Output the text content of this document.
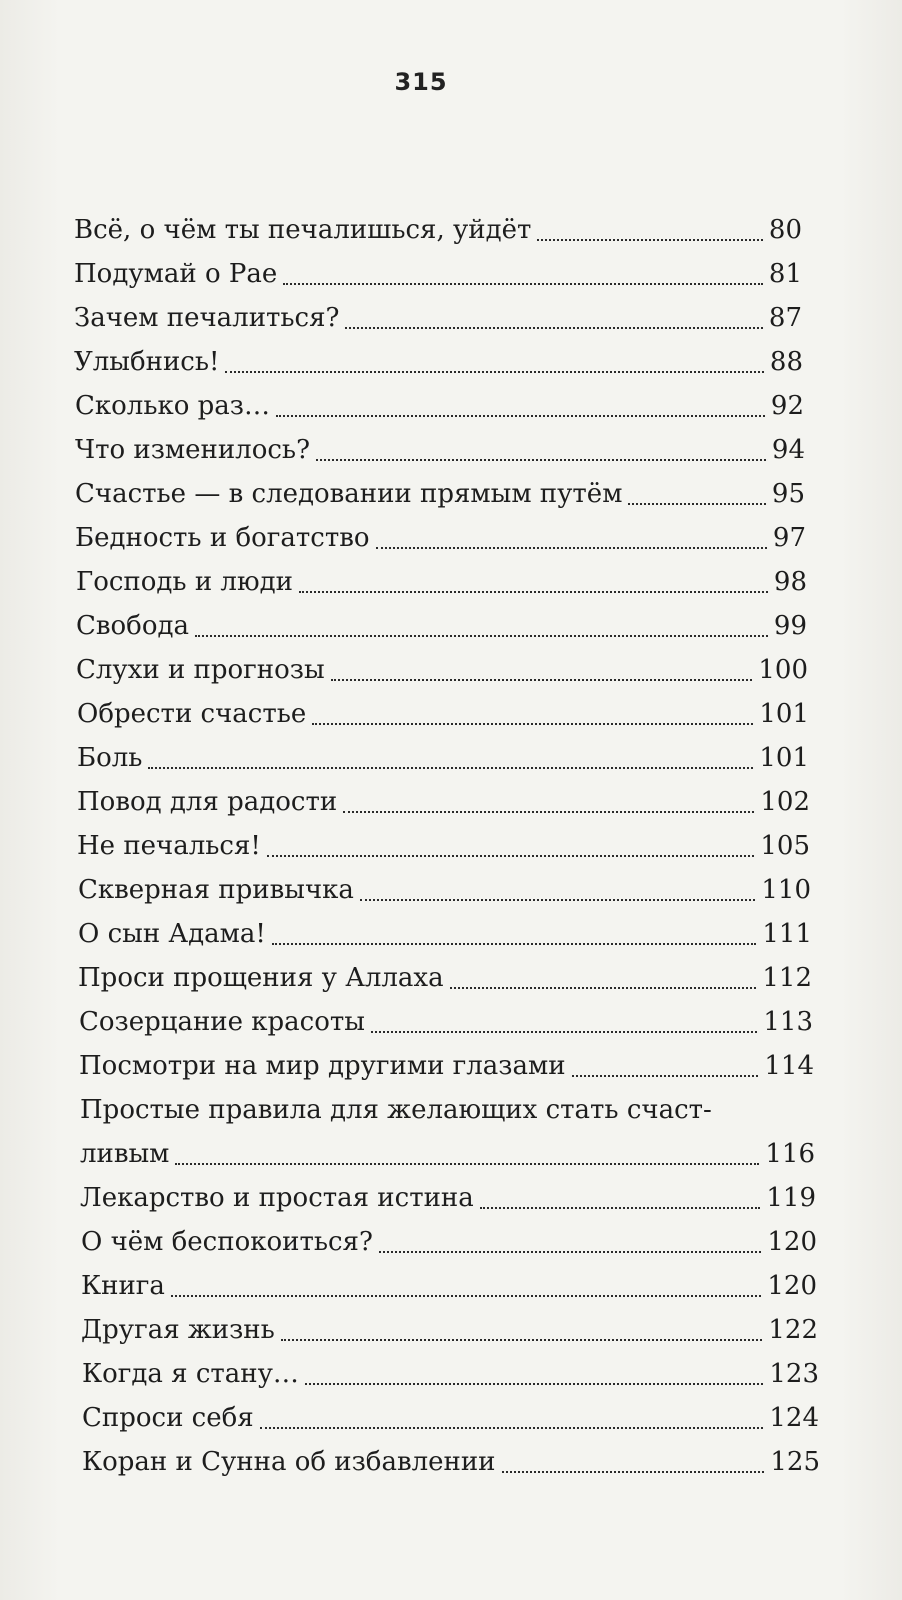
315
Всё, о чём ты печалишься, уйдёт	80
Подумай о Рае	81
Зачем печалиться?	87
Улыбнись!	88
Сколько раз…	92
Что изменилось?	94
Счастье — в следовании прямым путём	95
Бедность и богатство	97
Господь и люди	98
Свобода	99
Слухи и прогнозы	100
Обрести счастье	101
Боль	101
Повод для радости	102
Не печалься!	105
Скверная привычка	110
О сын Адама!	111
Проси прощения у Аллаха	112
Созерцание красоты	113
Посмотри на мир другими глазами	114
Простые правила для желающих стать счаст-
ливым	116
Лекарство и простая истина	119
О чём беспокоиться?	120
Книга	120
Другая жизнь	122
Когда я стану…	123
Спроси себя	124
Коран и Сунна об избавлении	125
